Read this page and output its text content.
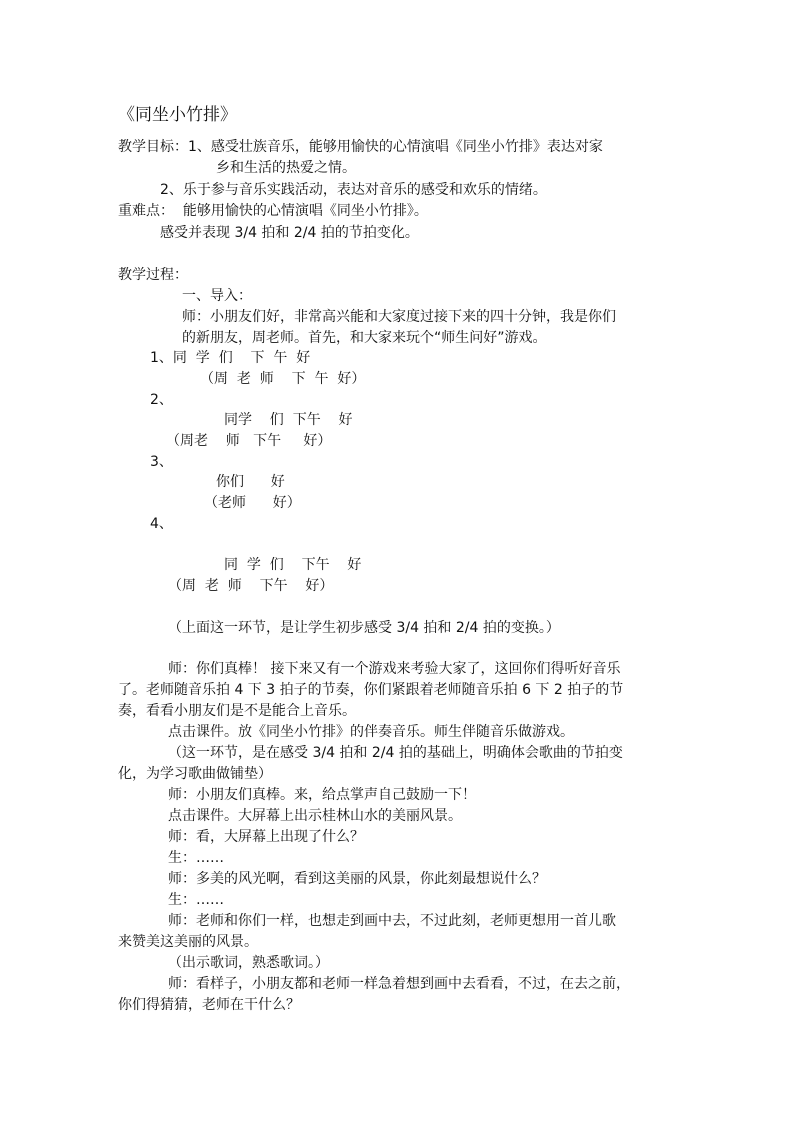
《同坐小竹排》
教学目标：1、感受壮族音乐，能够用愉快的心情演唱《同坐小竹排》表达对家
乡和生活的热爱之情。
2、乐于参与音乐实践活动，表达对音乐的感受和欢乐的情绪。
重难点：  能够用愉快的心情演唱《同坐小竹排》。
感受并表现 3/4 拍和 2/4 拍的节拍变化。
教学过程：
一、导入：
师：小朋友们好，非常高兴能和大家度过接下来的四十分钟，我是你们
的新朋友，周老师。首先，和大家来玩个“师生问好”游戏。
1、同  学  们    下  午  好
（周  老  师    下  午  好）
2、
同学    们  下午    好
（周老    师   下午     好）
3、
你们      好
（老师      好）
4、
同  学  们    下午    好
（周  老  师    下午    好）
（上面这一环节，是让学生初步感受 3/4 拍和 2/4 拍的变换。）
师：你们真棒！ 接下来又有一个游戏来考验大家了，这回你们得听好音乐
了。老师随音乐拍 4 下 3 拍子的节奏，你们紧跟着老师随音乐拍 6 下 2 拍子的节
奏，看看小朋友们是不是能合上音乐。
点击课件。放《同坐小竹排》的伴奏音乐。师生伴随音乐做游戏。
（这一环节，是在感受 3/4 拍和 2/4 拍的基础上，明确体会歌曲的节拍变
化，为学习歌曲做铺垫）
师：小朋友们真棒。来，给点掌声自己鼓励一下！
点击课件。大屏幕上出示桂林山水的美丽风景。
师：看，大屏幕上出现了什么？
生：……
师：多美的风光啊，看到这美丽的风景，你此刻最想说什么？
生：……
师：老师和你们一样，也想走到画中去，不过此刻，老师更想用一首儿歌
来赞美这美丽的风景。
（出示歌词，熟悉歌词。）
师：看样子，小朋友都和老师一样急着想到画中去看看，不过，在去之前，
你们得猜猜，老师在干什么？
